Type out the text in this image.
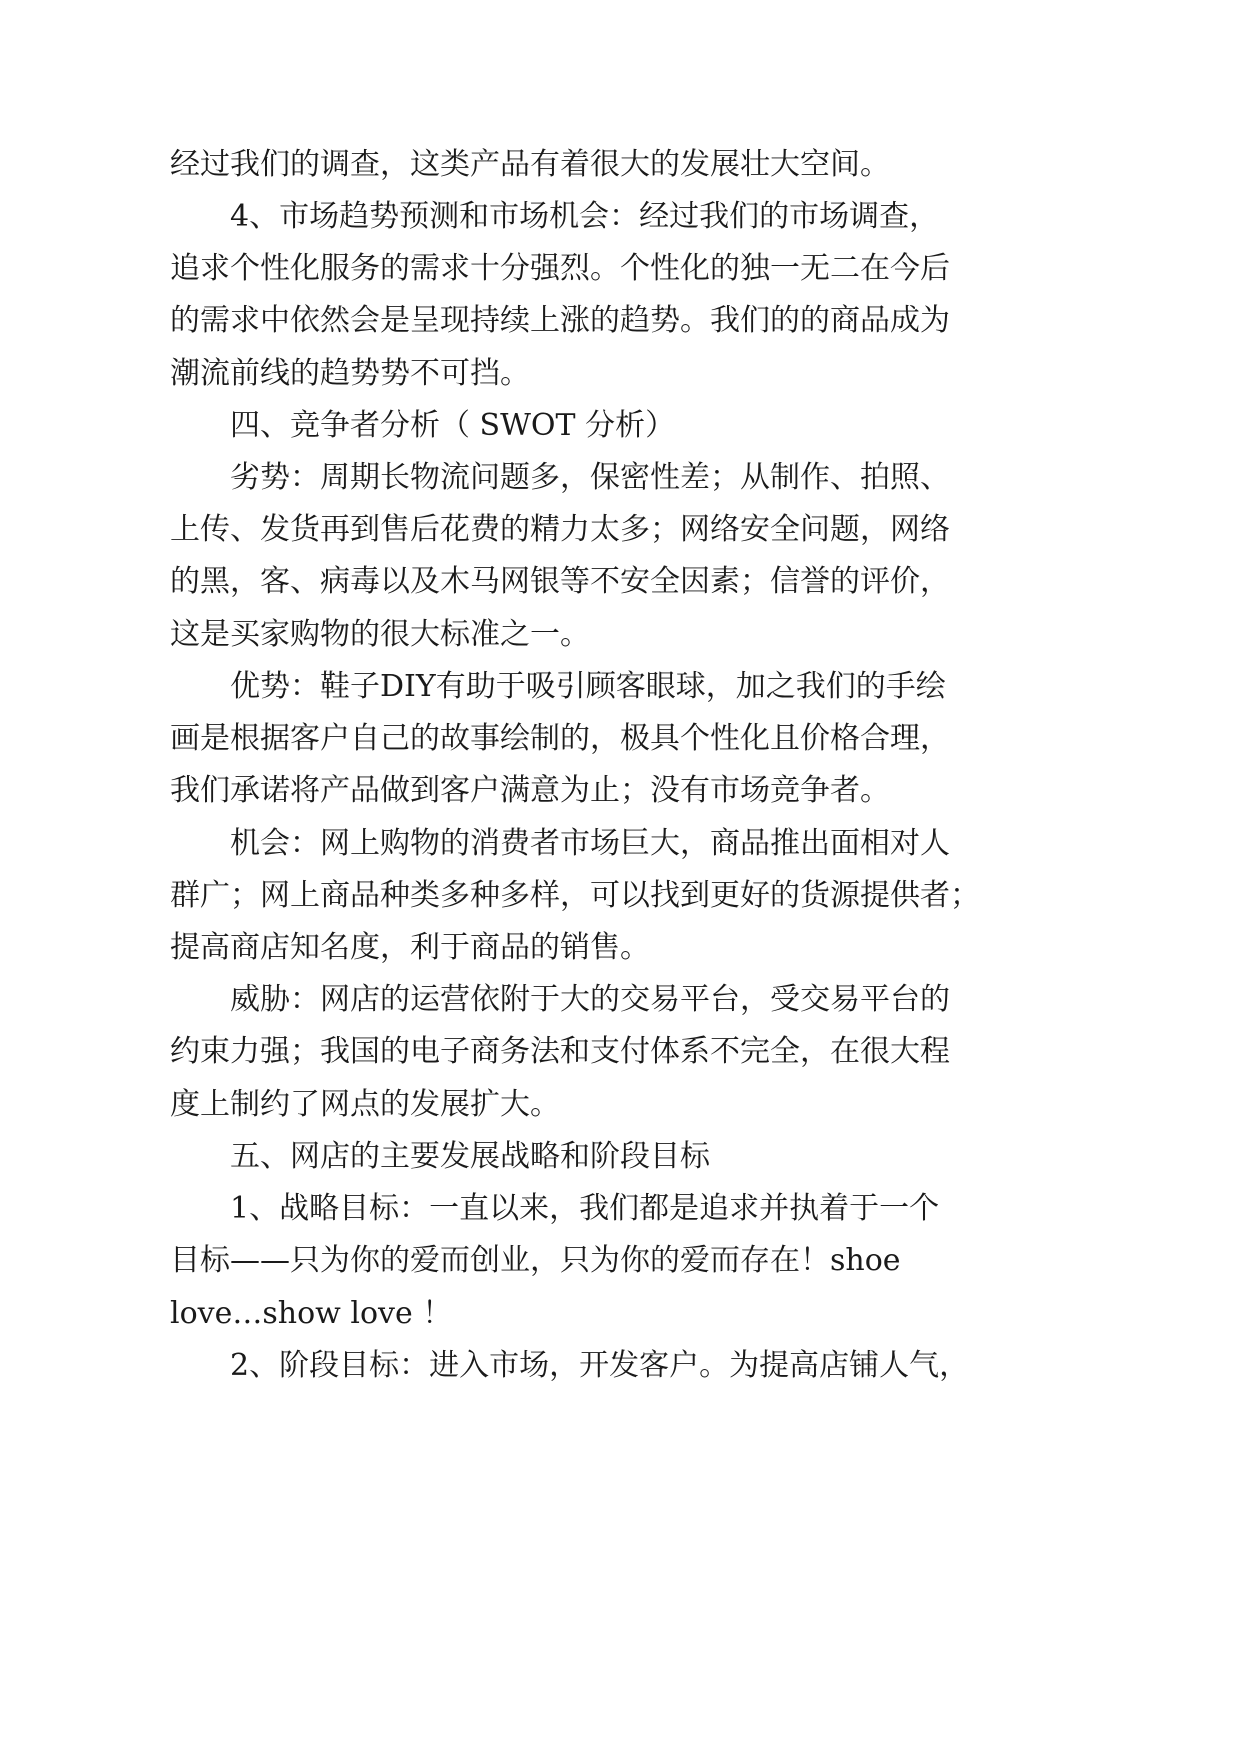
经过我们的调查，这类产品有着很大的发展壮大空间。
4、市场趋势预测和市场机会：经过我们的市场调查，
追求个性化服务的需求十分强烈。个性化的独一无二在今后
的需求中依然会是呈现持续上涨的趋势。我们的的商品成为
潮流前线的趋势势不可挡。
四、竞争者分析（ SWOT 分析）
劣势：周期长物流问题多，保密性差；从制作、拍照、
上传、发货再到售后花费的精力太多；网络安全问题，网络
的黑，客、病毒以及木马网银等不安全因素；信誉的评价，
这是买家购物的很大标准之一。
优势：鞋子DIY有助于吸引顾客眼球，加之我们的手绘
画是根据客户自己的故事绘制的，极具个性化且价格合理，
我们承诺将产品做到客户满意为止；没有市场竞争者。
机会：网上购物的消费者市场巨大，商品推出面相对人
群广；网上商品种类多种多样，可以找到更好的货源提供者；
提高商店知名度，利于商品的销售。
威胁：网店的运营依附于大的交易平台，受交易平台的
约束力强；我国的电子商务法和支付体系不完全，在很大程
度上制约了网点的发展扩大。
五、网店的主要发展战略和阶段目标
1、战略目标：一直以来，我们都是追求并执着于一个
目标——只为你的爱而创业，只为你的爱而存在！shoe
love…show love ！
2、阶段目标：进入市场，开发客户。为提高店铺人气，
